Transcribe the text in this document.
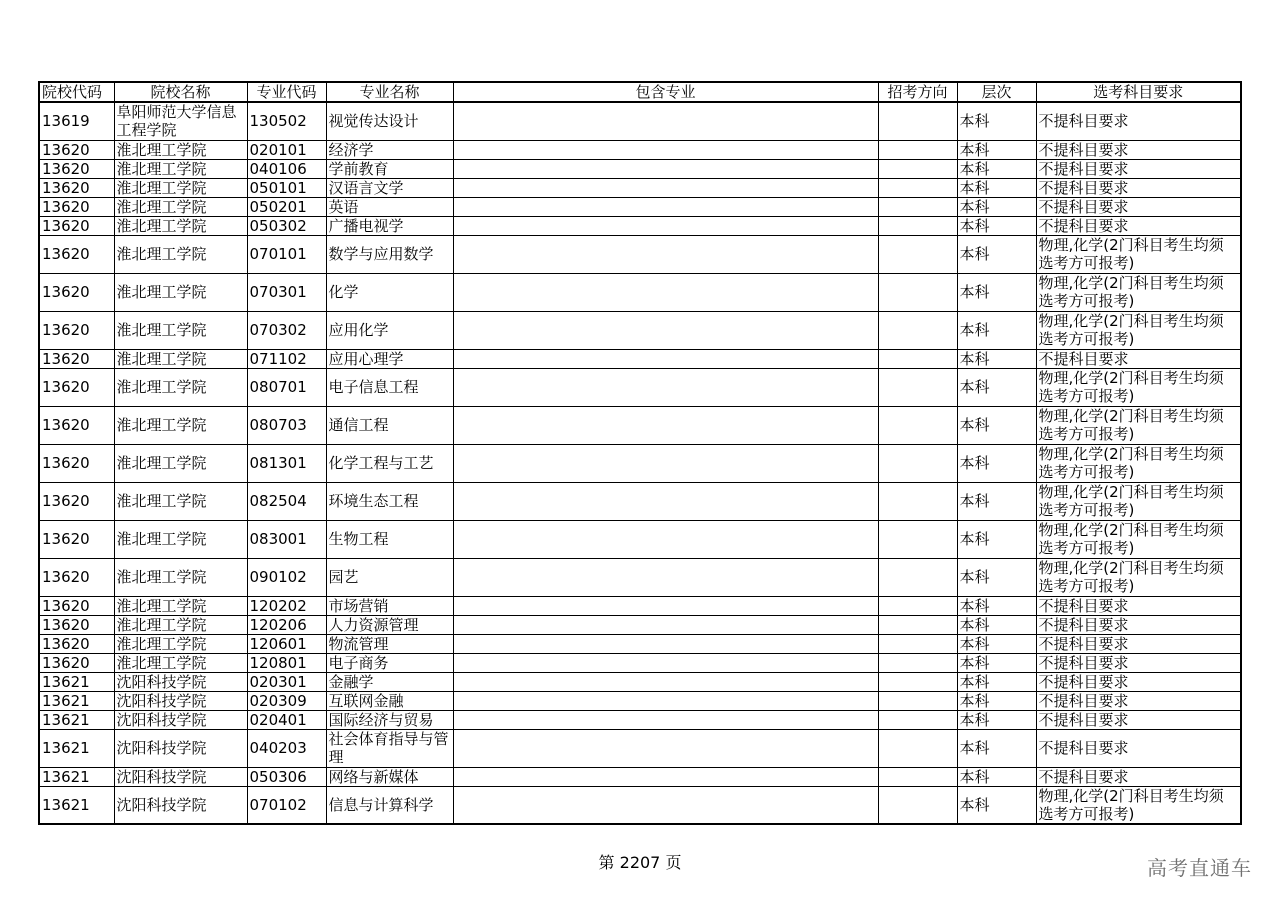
院校代码	院校名称	专业代码	专业名称	包含专业	招考方向	层次	选考科目要求
13619	阜阳师范大学信息工程学院	130502	视觉传达设计			本科	不提科目要求
13620	淮北理工学院	020101	经济学			本科	不提科目要求
13620	淮北理工学院	040106	学前教育			本科	不提科目要求
13620	淮北理工学院	050101	汉语言文学			本科	不提科目要求
13620	淮北理工学院	050201	英语			本科	不提科目要求
13620	淮北理工学院	050302	广播电视学			本科	不提科目要求
13620	淮北理工学院	070101	数学与应用数学			本科	物理,化学(2门科目考生均须选考方可报考)
13620	淮北理工学院	070301	化学			本科	物理,化学(2门科目考生均须选考方可报考)
13620	淮北理工学院	070302	应用化学			本科	物理,化学(2门科目考生均须选考方可报考)
13620	淮北理工学院	071102	应用心理学			本科	不提科目要求
13620	淮北理工学院	080701	电子信息工程			本科	物理,化学(2门科目考生均须选考方可报考)
13620	淮北理工学院	080703	通信工程			本科	物理,化学(2门科目考生均须选考方可报考)
13620	淮北理工学院	081301	化学工程与工艺			本科	物理,化学(2门科目考生均须选考方可报考)
13620	淮北理工学院	082504	环境生态工程			本科	物理,化学(2门科目考生均须选考方可报考)
13620	淮北理工学院	083001	生物工程			本科	物理,化学(2门科目考生均须选考方可报考)
13620	淮北理工学院	090102	园艺			本科	物理,化学(2门科目考生均须选考方可报考)
13620	淮北理工学院	120202	市场营销			本科	不提科目要求
13620	淮北理工学院	120206	人力资源管理			本科	不提科目要求
13620	淮北理工学院	120601	物流管理			本科	不提科目要求
13620	淮北理工学院	120801	电子商务			本科	不提科目要求
13621	沈阳科技学院	020301	金融学			本科	不提科目要求
13621	沈阳科技学院	020309	互联网金融			本科	不提科目要求
13621	沈阳科技学院	020401	国际经济与贸易			本科	不提科目要求
13621	沈阳科技学院	040203	社会体育指导与管理			本科	不提科目要求
13621	沈阳科技学院	050306	网络与新媒体			本科	不提科目要求
13621	沈阳科技学院	070102	信息与计算科学			本科	物理,化学(2门科目考生均须选考方可报考)
第 2207 页	高考直通车
